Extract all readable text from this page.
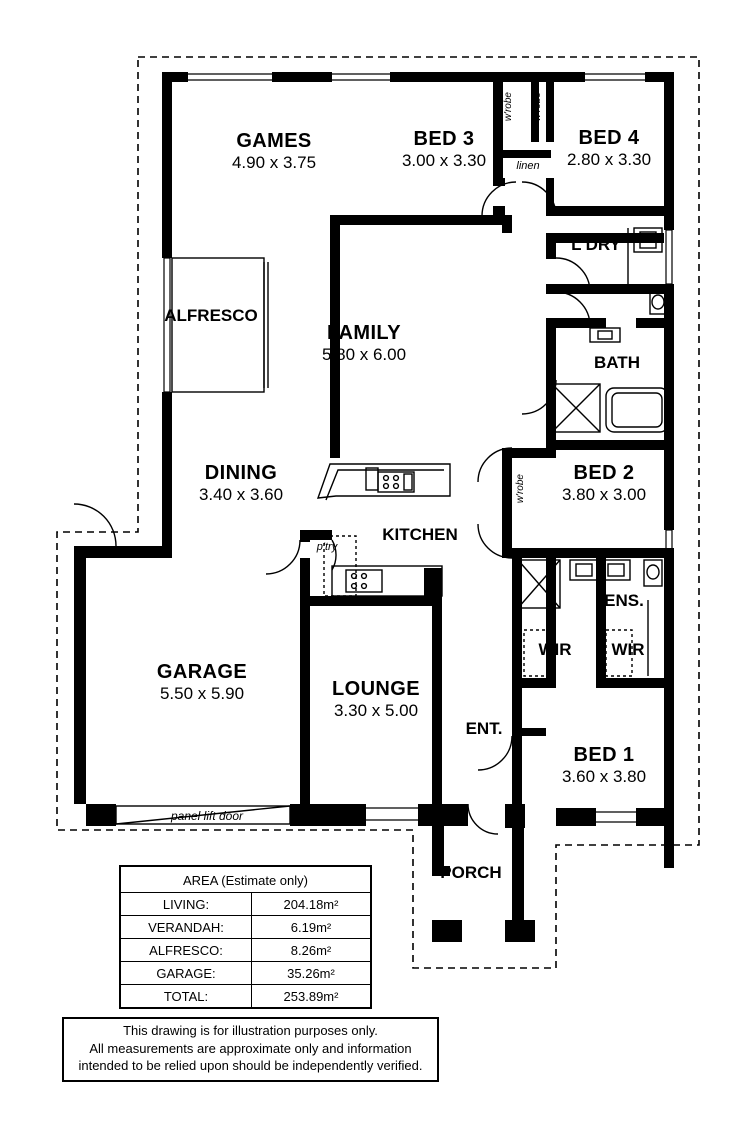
GAMES
4.90 x 3.75
BED 3
3.00 x 3.30
BED 4
2.80 x 3.30
FAMILY
5.80 x 6.00
DINING
3.40 x 3.60
GARAGE
5.50 x 5.90	LOUNGE
3.30 x 5.00
BED 2
3.80 x 3.00
BED 1
3.60 x 3.80
ALFRESCO
KITCHEN
L'DRY
BATH
ENS.
ENT.
PORCH
WIR	WIR
linen
p'try
panel lift door
w'robe w'robe
w'robe
AREA (Estimate only)	
LIVING:	204.18m²
VERANDAH:	6.19m²
ALFRESCO:	8.26m²
GARAGE:	35.26m²
TOTAL:	253.89m²
This drawing is for illustration purposes only.
All measurements are approximate only and information
intended to be relied upon should be independently verified.
